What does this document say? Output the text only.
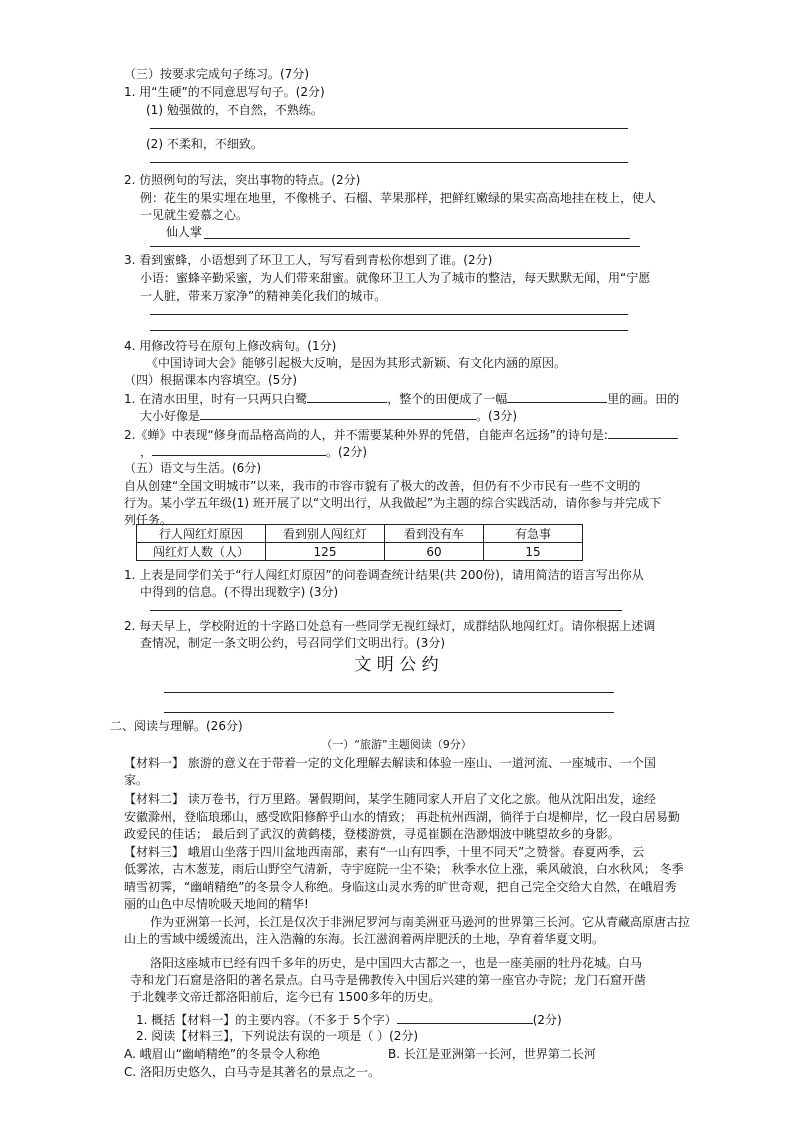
（三）按要求完成句子练习。(7分)
1. 用“生硬”的不同意思写句子。(2分)
(1) 勉强做的，不自然，不熟练。
(2) 不柔和，不细致。
2. 仿照例句的写法，突出事物的特点。(2分)
例：花生的果实埋在地里，不像桃子、石榴、苹果那样，把鲜红嫩绿的果实高高地挂在枝上，使人
一见就生爱慕之心。
仙人掌
3. 看到蜜蜂，小语想到了环卫工人，写写看到青松你想到了谁。(2分)
小语：蜜蜂辛勤采蜜，为人们带来甜蜜。就像环卫工人为了城市的整洁，每天默默无闻，用“宁愿
一人脏，带来万家净”的精神美化我们的城市。
4. 用修改符号在原句上修改病句。(1分)
《中国诗词大会》能够引起极大反响，是因为其形式新颖、有文化内涵的原因。
（四）根据课本内容填空。(5分)
1. 在清水田里，时有一只两只白鹭	，整个的田便成了一幅	里的画。田的
大小好像是	。(3分)
2.《蝉》中表现“修身而品格高尚的人，并不需要某种外界的凭借，自能声名远扬”的诗句是:
，	。(2分)
（五）语文与生活。(6分)
自从创建“全国文明城市”以来，我市的市容市貌有了极大的改善，但仍有不少市民有一些不文明的
行为。某小学五年级(1) 班开展了以“文明出行，从我做起”为主题的综合实践活动，请你参与并完成下
列任务。
行人闯红灯原因	看到别人闯红灯	看到没有车	有急事
闯红灯人数（人）	125	60	15
1. 上表是同学们关于“行人闯红灯原因”的问卷调查统计结果(共 200份)，请用简洁的语言写出你从
中得到的信息。(不得出现数字) (3分)
2. 每天早上，学校附近的十字路口处总有一些同学无视红绿灯，成群结队地闯红灯。请你根据上述调
查情况，制定一条文明公约，号召同学们文明出行。(3分)
文 明 公 约
二、阅读与理解。(26分)
（一）“旅游”主题阅读（9分）
【材料一】 旅游的意义在于带着一定的文化理解去解读和体验一座山、一道河流、一座城市、一个国
家。
【材料二】 读万卷书，行万里路。暑假期间，某学生随同家人开启了文化之旅。他从沈阳出发，途经
安徽滁州，登临琅琊山，感受欧阳修醉乎山水的情致； 再赴杭州西湖，徜徉于白堤柳岸，忆一段白居易勤
政爱民的佳话； 最后到了武汉的黄鹤楼，登楼游赏，寻觅崔颢在浩渺烟波中眺望故乡的身影。
【材料三】 峨眉山坐落于四川盆地西南部，素有“一山有四季，十里不同天”之赞誉。春夏两季，云
低雾浓，古木葱茏，雨后山野空气清新，寺宇庭院一尘不染； 秋季水位上涨，乘风破浪，白水秋风； 冬季
晴雪初霁，“幽峭精绝”的冬景令人称绝。身临这山灵水秀的旷世奇观，把自己完全交给大自然，在峨眉秀
丽的山色中尽情吮吸天地间的精华!
作为亚洲第一长河，长江是仅次于非洲尼罗河与南美洲亚马逊河的世界第三长河。它从青藏高原唐古拉
山上的雪域中缓缓流出，注入浩瀚的东海。长江滋润着两岸肥沃的土地，孕育着华夏文明。
洛阳这座城市已经有四千多年的历史，是中国四大古都之一，也是一座美丽的牡丹花城。白马
寺和龙门石窟是洛阳的著名景点。白马寺是佛教传入中国后兴建的第一座官办寺院；龙门石窟开凿
于北魏孝文帝迁都洛阳前后，迄今已有 1500多年的历史。
1. 概括【材料一】的主要内容。（不多于 5个字）	(2分)
2. 阅读【材料三】，下列说法有误的一项是（ ）(2分)
A. 峨眉山“幽峭精绝”的冬景令人称绝	B. 长江是亚洲第一长河，世界第二长河
C. 洛阳历史悠久，白马寺是其著名的景点之一。
